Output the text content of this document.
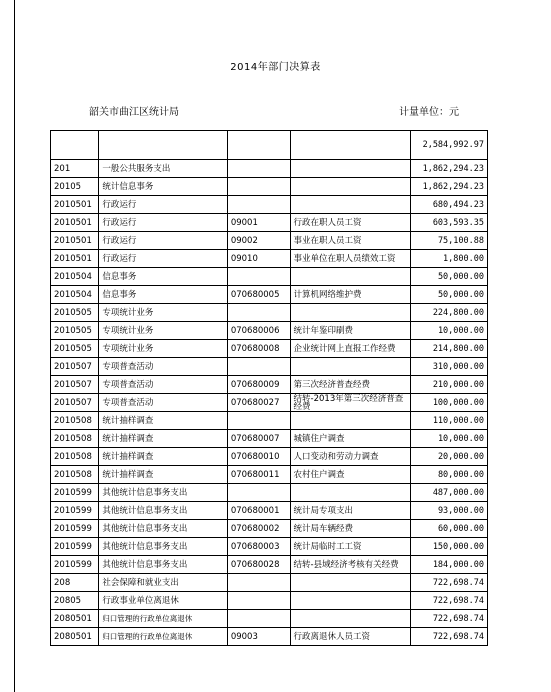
2014年部门决算表
韶关市曲江区统计局	计量单位：元
				2,584,992.97
201	一般公共服务支出			1,862,294.23
20105	统计信息事务			1,862,294.23
2010501	行政运行			680,494.23
2010501	行政运行	09001	行政在职人员工资	603,593.35
2010501	行政运行	09002	事业在职人员工资	75,100.88
2010501	行政运行	09010	事业单位在职人员绩效工资	1,800.00
2010504	信息事务			50,000.00
2010504	信息事务	070680005	计算机网络维护费	50,000.00
2010505	专项统计业务			224,800.00
2010505	专项统计业务	070680006	统计年鉴印刷费	10,000.00
2010505	专项统计业务	070680008	企业统计网上直报工作经费	214,800.00
2010507	专项普查活动			310,000.00
2010507	专项普查活动	070680009	第三次经济普查经费	210,000.00
2010507	专项普查活动	070680027	结转-2013年第三次经济普查经费	100,000.00
2010508	统计抽样调查			110,000.00
2010508	统计抽样调查	070680007	城镇住户调查	10,000.00
2010508	统计抽样调查	070680010	人口变动和劳动力调查	20,000.00
2010508	统计抽样调查	070680011	农村住户调查	80,000.00
2010599	其他统计信息事务支出			487,000.00
2010599	其他统计信息事务支出	070680001	统计局专项支出	93,000.00
2010599	其他统计信息事务支出	070680002	统计局车辆经费	60,000.00
2010599	其他统计信息事务支出	070680003	统计局临时工工资	150,000.00
2010599	其他统计信息事务支出	070680028	结转-县域经济考核有关经费	184,000.00
208	社会保障和就业支出			722,698.74
20805	行政事业单位离退休			722,698.74
2080501	归口管理的行政单位离退休			722,698.74
2080501	归口管理的行政单位离退休	09003	行政离退休人员工资	722,698.74
